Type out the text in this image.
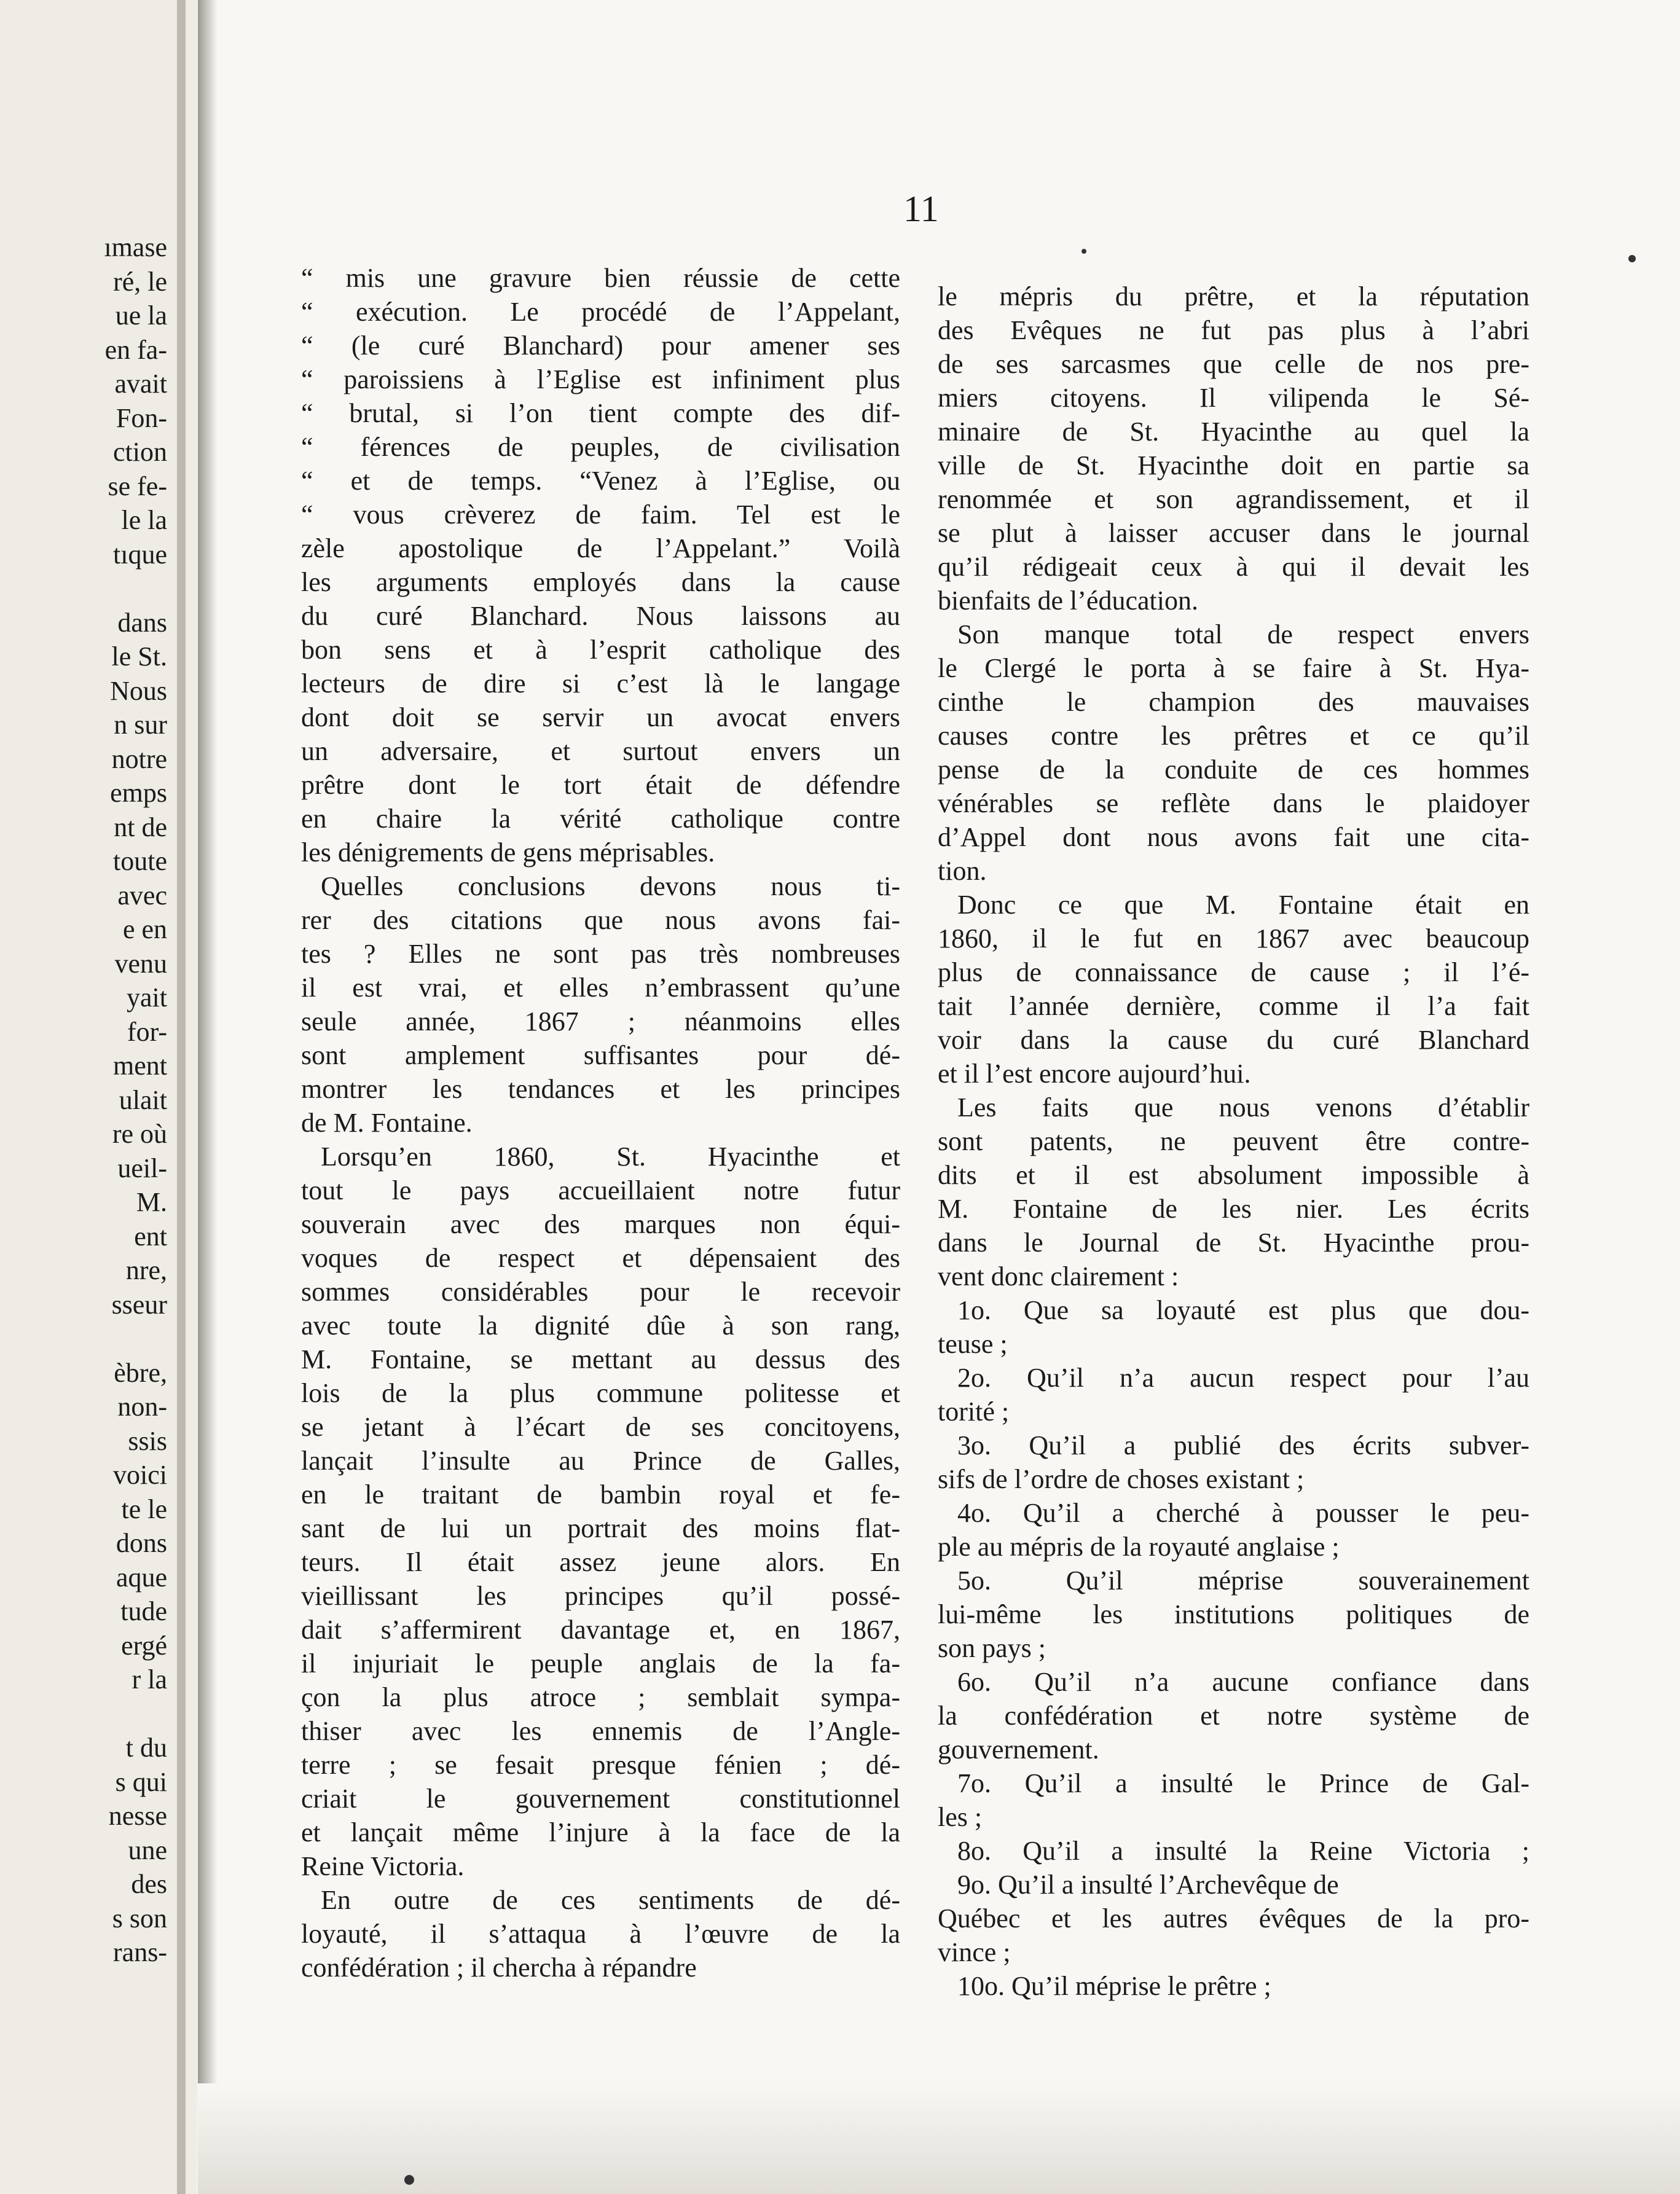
ımase
ré, le
ue la
en fa-
avait
Fon-
ction
se fe-
le la
tıque
dans
le St.
Nous
n sur
notre
emps
nt de
toute
avec
e en
venu
yait
for-
ment
ulait
re où
ueil-
M.
ent
nre,
sseur
èbre,
non-
ssis
voici
te le
dons
aque
tude
ergé
r la
t du
s qui
nesse
une
des
s son
rans-
11
“ mis une gravure bien réussie de cette
“ exécution. Le procédé de l’Appelant,
“ (le curé Blanchard) pour amener ses
“ paroissiens à l’Eglise est infiniment plus
“ brutal, si l’on tient compte des dif-
“ férences de peuples, de civilisation
“ et de temps. “Venez à l’Eglise, ou
“ vous crèverez de faim. Tel est le
zèle apostolique de l’Appelant.” Voilà
les arguments employés dans la cause
du curé Blanchard. Nous laissons au
bon sens et à l’esprit catholique des
lecteurs de dire si c’est là le langage
dont doit se servir un avocat envers
un adversaire, et surtout envers un
prêtre dont le tort était de défendre
en chaire la vérité catholique contre
les dénigrements de gens méprisables.
Quelles conclusions devons nous ti-
rer des citations que nous avons fai-
tes ? Elles ne sont pas très nombreuses
il est vrai, et elles n’embrassent qu’une
seule année, 1867 ; néanmoins elles
sont amplement suffisantes pour dé-
montrer les tendances et les principes
de M. Fontaine.
Lorsqu’en 1860, St. Hyacinthe et
tout le pays accueillaient notre futur
souverain avec des marques non équi-
voques de respect et dépensaient des
sommes considérables pour le recevoir
avec toute la dignité dûe à son rang,
M. Fontaine, se mettant au dessus des
lois de la plus commune politesse et
se jetant à l’écart de ses concitoyens,
lançait l’insulte au Prince de Galles,
en le traitant de bambin royal et fe-
sant de lui un portrait des moins flat-
teurs. Il était assez jeune alors. En
vieillissant les principes qu’il possé-
dait s’affermirent davantage et, en 1867,
il injuriait le peuple anglais de la fa-
çon la plus atroce ; semblait sympa-
thiser avec les ennemis de l’Angle-
terre ; se fesait presque fénien ; dé-
criait le gouvernement constitutionnel
et lançait même l’injure à la face de la
Reine Victoria.
En outre de ces sentiments de dé-
loyauté, il s’attaqua à l’œuvre de la
confédération ; il chercha à répandre
le mépris du prêtre, et la réputation
des Evêques ne fut pas plus à l’abri
de ses sarcasmes que celle de nos pre-
miers citoyens. Il vilipenda le Sé-
minaire de St. Hyacinthe au quel la
ville de St. Hyacinthe doit en partie sa
renommée et son agrandissement, et il
se plut à laisser accuser dans le journal
qu’il rédigeait ceux à qui il devait les
bienfaits de l’éducation.
Son manque total de respect envers
le Clergé le porta à se faire à St. Hya-
cinthe le champion des mauvaises
causes contre les prêtres et ce qu’il
pense de la conduite de ces hommes
vénérables se reflète dans le plaidoyer
d’Appel dont nous avons fait une cita-
tion.
Donc ce que M. Fontaine était en
1860, il le fut en 1867 avec beaucoup
plus de connaissance de cause ; il l’é-
tait l’année dernière, comme il l’a fait
voir dans la cause du curé Blanchard
et il l’est encore aujourd’hui.
Les faits que nous venons d’établir
sont patents, ne peuvent être contre-
dits et il est absolument impossible à
M. Fontaine de les nier. Les écrits
dans le Journal de St. Hyacinthe prou-
vent donc clairement :
1o. Que sa loyauté est plus que dou-
teuse ;
2o. Qu’il n’a aucun respect pour l’au
torité ;
3o. Qu’il a publié des écrits subver-
sifs de l’ordre de choses existant ;
4o. Qu’il a cherché à pousser le peu-
ple au mépris de la royauté anglaise ;
5o. Qu’il méprise souverainement
lui-même les institutions politiques de
son pays ;
6o. Qu’il n’a aucune confiance dans
la confédération et notre système de
gouvernement.
7o. Qu’il a insulté le Prince de Gal-
les ;
8o. Qu’il a insulté la Reine Victoria ;
9o. Qu’il a insulté l’Archevêque de
Québec et les autres évêques de la pro-
vince ;
10o. Qu’il méprise le prêtre ;
